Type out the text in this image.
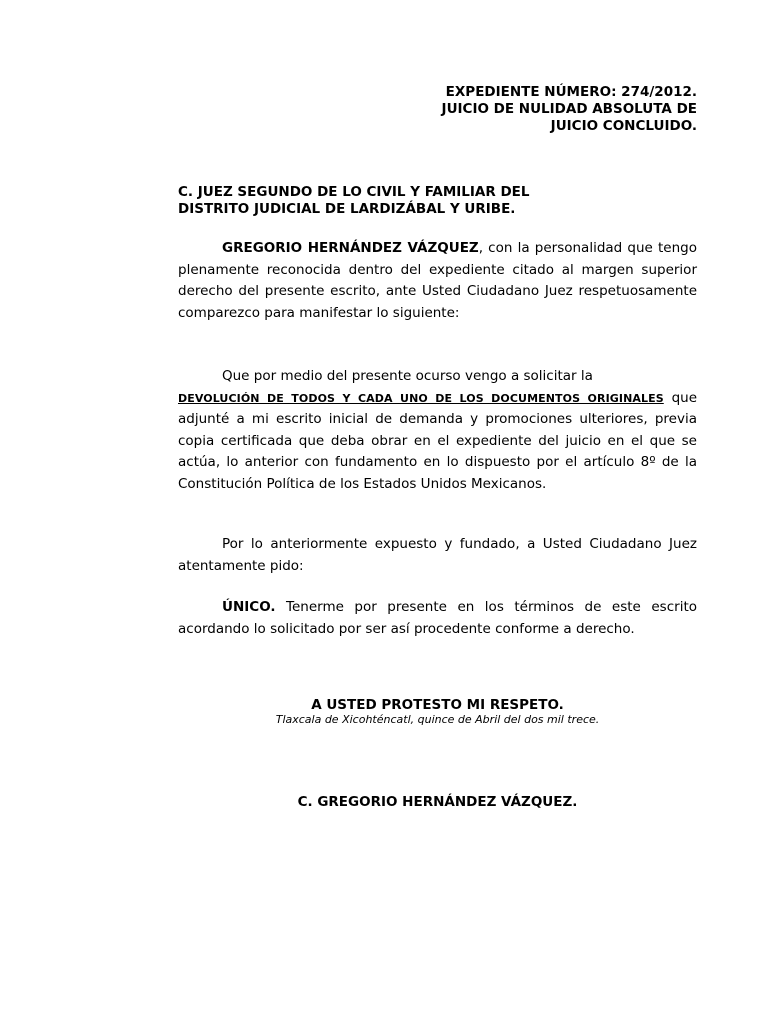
EXPEDIENTE NÚMERO: 274/2012.
JUICIO DE NULIDAD ABSOLUTA DE
JUICIO CONCLUIDO.
C. JUEZ SEGUNDO DE LO CIVIL Y FAMILIAR DEL
DISTRITO JUDICIAL DE LARDIZÁBAL Y URIBE.
GREGORIO HERNÁNDEZ VÁZQUEZ, con la personalidad que tengo plenamente reconocida dentro del expediente citado al margen superior derecho del presente escrito, ante Usted Ciudadano Juez respetuosamente comparezco para manifestar lo siguiente:
Que por medio del presente ocurso vengo a solicitar la
DEVOLUCIÓN DE TODOS Y CADA UNO DE LOS DOCUMENTOS ORIGINALES que adjunté a mi escrito inicial de demanda y promociones ulteriores, previa copia certificada que deba obrar en el expediente del juicio en el que se actúa, lo anterior con fundamento en lo dispuesto por el artículo 8º de la Constitución Política de los Estados Unidos Mexicanos.
Por lo anteriormente expuesto y fundado, a Usted Ciudadano Juez atentamente pido:
ÚNICO. Tenerme por presente en los términos de este escrito acordando lo solicitado por ser así procedente conforme a derecho.
A USTED PROTESTO MI RESPETO.
Tlaxcala de Xicohténcatl, quince de Abril del dos mil trece.
C. GREGORIO HERNÁNDEZ VÁZQUEZ.
